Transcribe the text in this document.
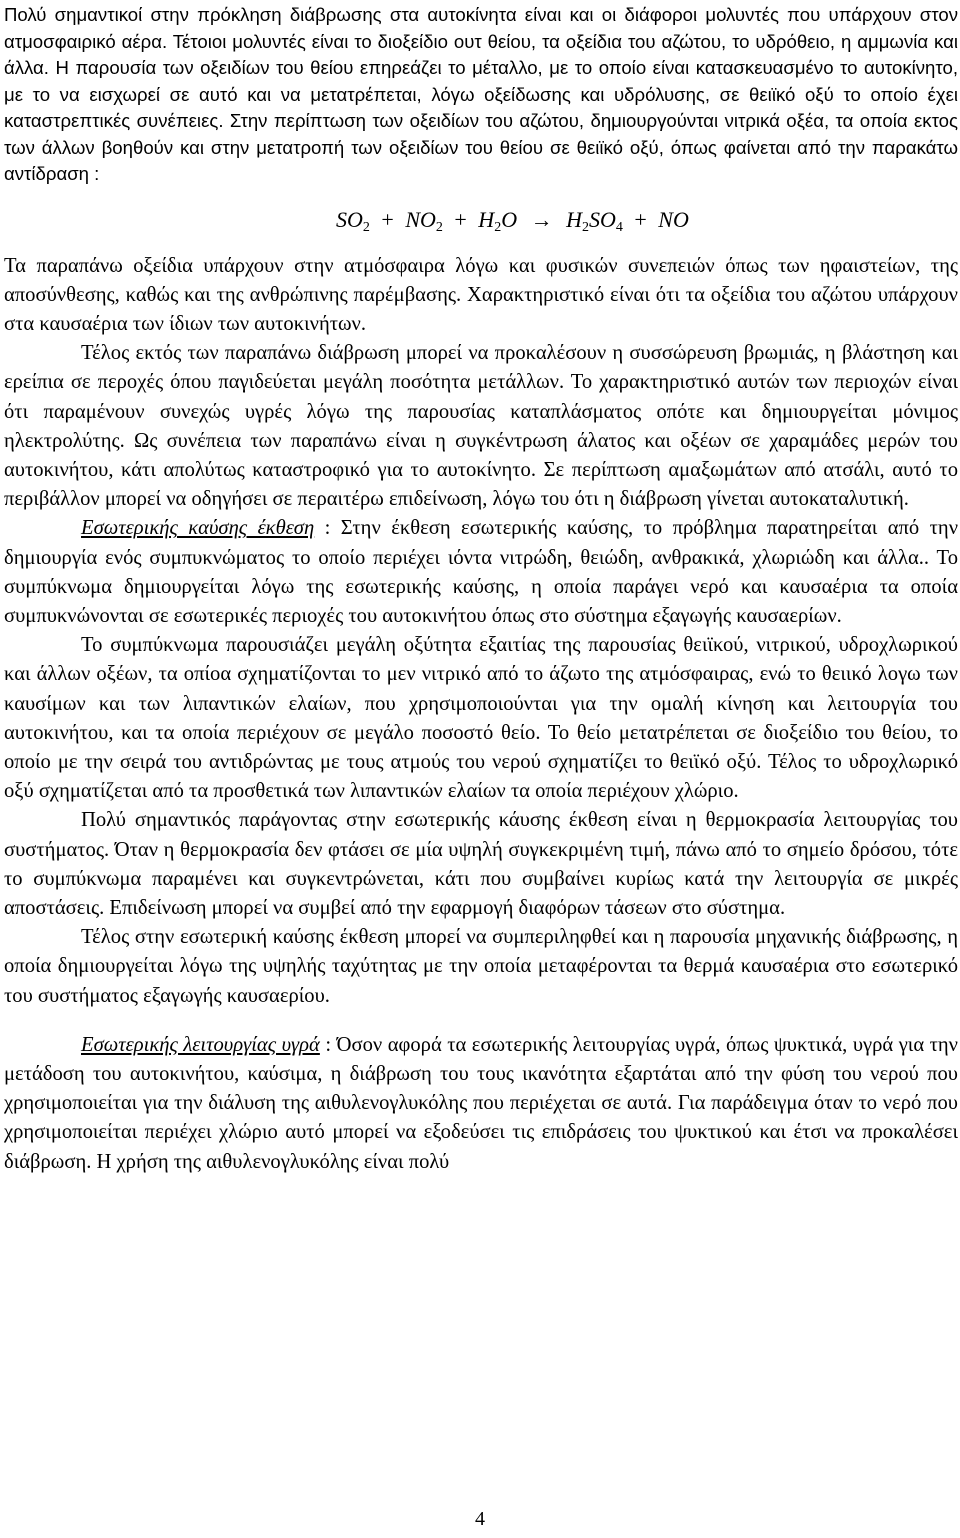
Πολύ σημαντικοί στην πρόκληση διάβρωσης στα αυτοκίνητα είναι και οι διάφοροι μολυντές που υπάρχουν στον ατμοσφαιρικό αέρα. Τέτοιοι μολυντές είναι το διοξείδιο ουτ θείου, τα οξείδια του αζώτου, το υδρόθειο, η αμμωνία και άλλα. Η παρουσία των οξειδίων του θείου επηρεάζει το μέταλλο, με το οποίο είναι κατασκευασμένο το αυτοκίνητο, με το να εισχωρεί σε αυτό και να μετατρέπεται, λόγω οξείδωσης και υδρόλυσης, σε θειϊκό οξύ το οποίο έχει καταστρεπτικές συνέπειες. Στην περίπτωση των οξειδίων του αζώτου, δημιουργούνται νιτρικά οξέα, τα οποία εκτος των άλλων βοηθούν και στην μετατροπή των οξειδίων του θείου σε θειϊκό οξύ, όπως φαίνεται από την παρακάτω αντίδραση :

$SO_2 + NO_2 + H_2O \to H_2SO_4$ + NO

Τα παραπάνω οξείδια υπάρχουν στην ατμόσφαιρα λόγω και φυσικών συνεπειών όπως των ηφαιστείων, της αποσύνθεσης, καθώς και της ανθρώπινης παρέμβασης. Χαρακτηριστικό είναι ότι τα οξείδια του αζώτου υπάρχουν στα καυσαέρια των ίδιων των αυτοκινήτων.

Τέλος εκτός των παραπάνω διάβρωση μπορεί να προκαλέσουν η συσσώρευση βρωμιάς, η βλάστηση και ερείπια σε περοχές όπου παγιδεύεται μεγάλη ποσότητα μετάλλων. Το χαρακτηριστικό αυτών των περιοχών είναι ότι παραμένουν συνεχώς υγρές λόγω της παρουσίας καταπλάσματος οπότε και δημιουργείται μόνιμος ηλεκτρολύτης. Ως συνέπεια των παραπάνω είναι η συγκέντρωση άλατος και οξέων σε χαραμάδες μερών του αυτοκινήτου, κάτι απολύτως καταστροφικό για το αυτοκίνητο. Σε περίπτωση αμαξωμάτων από ατσάλι, αυτό το περιβάλλον μπορεί να οδηγήσει σε περαιτέρω επιδείνωση, λόγω του ότι η διάβρωση γίνεται αυτοκαταλυτική.

Εσωτερικής καύσης έκθεση : Στην έκθεση εσωτερικής καύσης, το πρόβλημα παρατηρείται από την δημιουργία ενός συμπυκνώματος το οποίο περιέχει ιόντα νιτρώδη, θειώδη, ανθρακικά, χλωριώδη και άλλα.. Το συμπύκνωμα δημιουργείται λόγω της εσωτερικής καύσης, η οποία παράγει νερό και καυσαέρια τα οποία συμπυκνώνονται σε εσωτερικές περιοχές του αυτοκινήτου όπως στο σύστημα εξαγωγής καυσαερίων.

Το συμπύκνωμα παρουσιάζει μεγάλη οξύτητα εξαιτίας της παρουσίας θειϊκού, νιτρικού, υδροχλωρικού και άλλων οξέων, τα οπίοα σχηματίζονται το μεν νιτρικό από το άζωτο της ατμόσφαιρας, ενώ το θειικό λογω των καυσίμων και των λιπαντικών ελαίων, που χρησιμοποιούνται για την ομαλή κίνηση και λειτουργία του αυτοκινήτου, και τα οποία περιέχουν σε μεγάλο ποσοστό θείο. Το θείο μετατρέπεται σε διοξείδιο του θείου, το οποίο με την σειρά του αντιδρώντας με τους ατμούς του νερού σχηματίζει το θειϊκό οξύ. Τέλος το υδροχλωρικό οξύ σχηματίζεται από τα προσθετικά των λιπαντικών ελαίων τα οποία περιέχουν χλώριο.

Πολύ σημαντικός παράγοντας στην εσωτερικής κάυσης έκθεση είναι η θερμοκρασία λειτουργίας του συστήματος. Όταν η θερμοκρασία δεν φτάσει σε μία υψηλή συγκεκριμένη τιμή, πάνω από το σημείο δρόσου, τότε το συμπύκνωμα παραμένει και συγκεντρώνεται, κάτι που συμβαίνει κυρίως κατά την λειτουργία σε μικρές αποστάσεις. Επιδείνωση μπορεί να συμβεί από την εφαρμογή διαφόρων τάσεων στο σύστημα.

Τέλος στην εσωτερική καύσης έκθεση μπορεί να συμπεριληφθεί και η παρουσία μηχανικής διάβρωσης, η οποία δημιουργείται λόγω της υψηλής ταχύτητας με την οποία μεταφέρονται τα θερμά καυσαέρια στο εσωτερικό του συστήματος εξαγωγής καυσαερίου.

Εσωτερικής λειτουργίας υγρά : Όσον αφορά τα εσωτερικής λειτουργίας υγρά, όπως ψυκτικά, υγρά για την μετάδοση του αυτοκινήτου, καύσιμα, η διάβρωση του τους ικανότητα εξαρτάται από την φύση του νερού που χρησιμοποιείται για την διάλυση της αιθυλενογλυκόλης που περιέχεται σε αυτά. Για παράδειγμα όταν το νερό που χρησιμοποιείται περιέχει χλώριο αυτό μπορεί να εξοδεύσει τις επιδράσεις του ψυκτικού και έτσι να προκαλέσει διάβρωση. Η χρήση της αιθυλενογλυκόλης είναι πολύ

4
